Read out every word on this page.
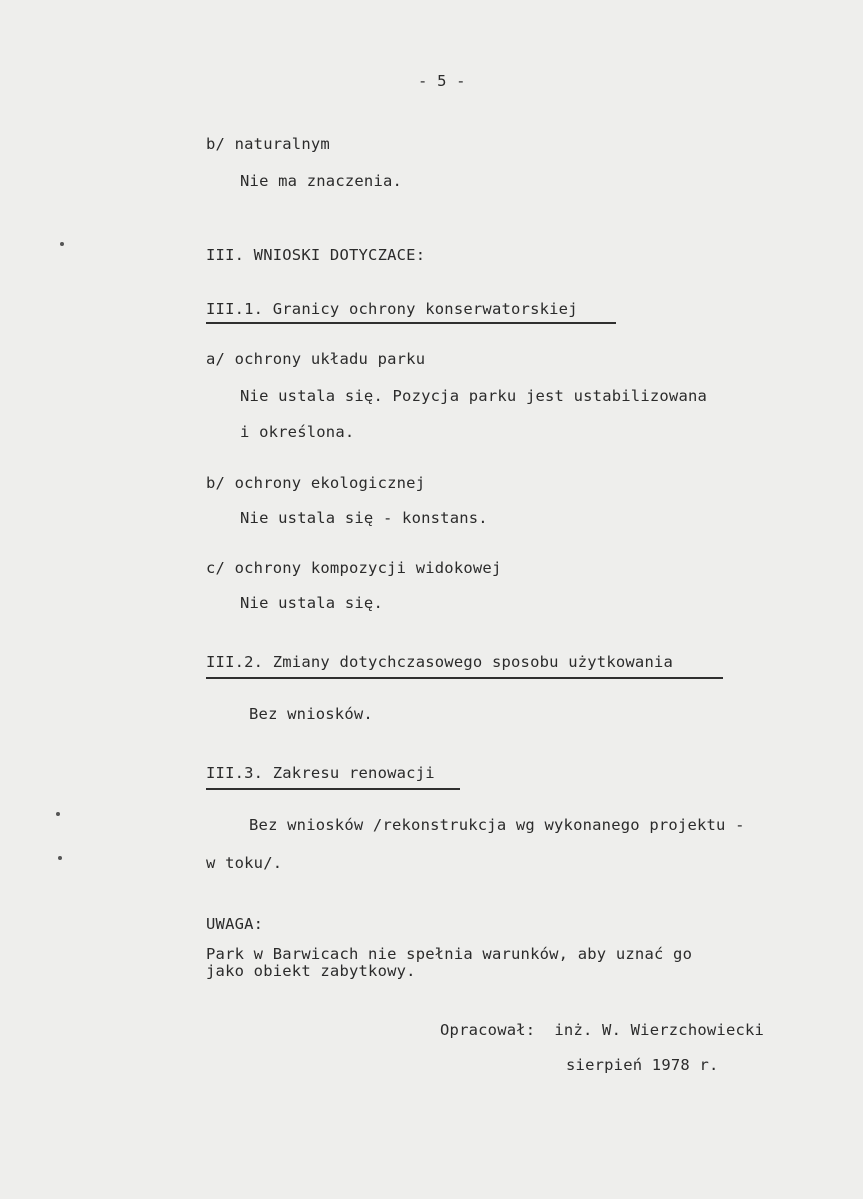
- 5 -
b/ naturalnym
Nie ma znaczenia.
III. WNIOSKI DOTYCZACE:
III.1. Granicy ochrony konserwatorskiej
a/ ochrony układu parku
Nie ustala się. Pozycja parku jest ustabilizowana
i określona.
b/ ochrony ekologicznej
Nie ustala się - konstans.
c/ ochrony kompozycji widokowej
Nie ustala się.
III.2. Zmiany dotychczasowego sposobu użytkowania
Bez wniosków.
III.3. Zakresu renowacji
Bez wniosków /rekonstrukcja wg wykonanego projektu -
w toku/.
UWAGA:
Park w Barwicach nie spełnia warunków, aby uznać go
jako obiekt zabytkowy.
Opracował:  inż. W. Wierzchowiecki
sierpień 1978 r.
